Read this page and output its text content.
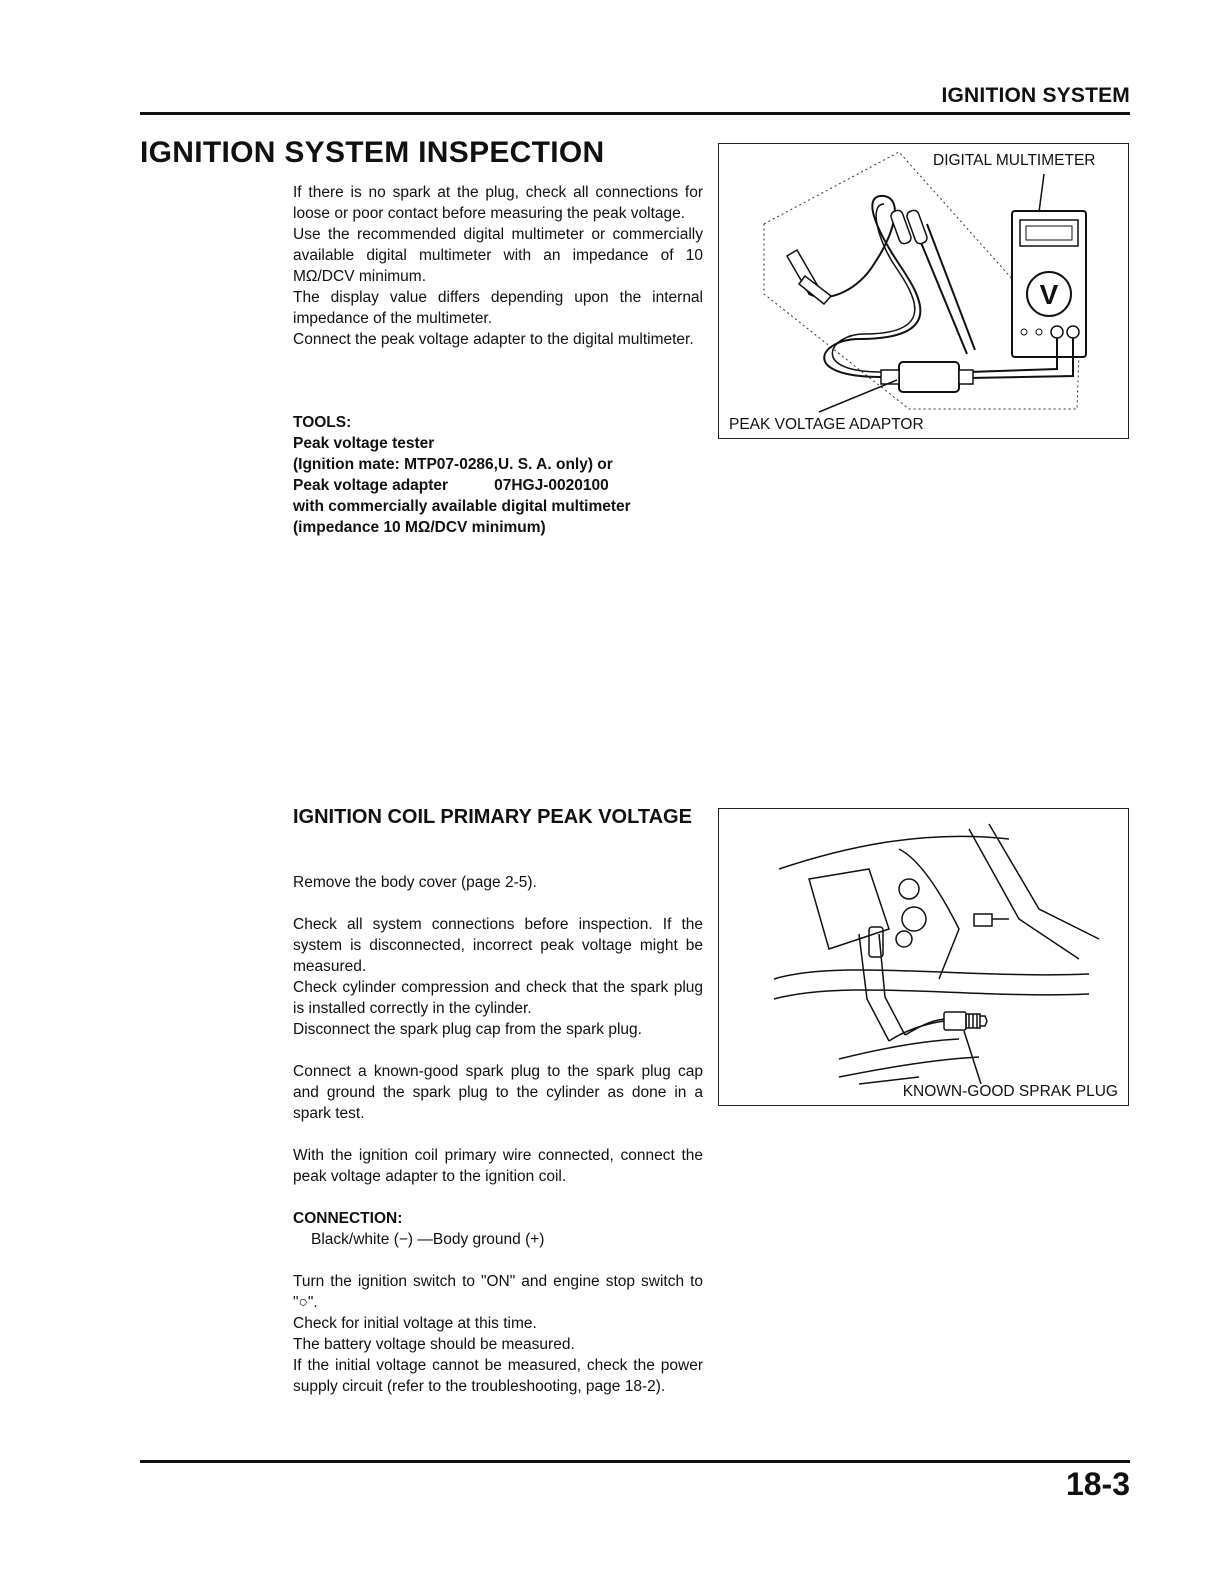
IGNITION SYSTEM
IGNITION SYSTEM INSPECTION

If there is no spark at the plug, check all connections for loose or poor contact before measuring the peak voltage.

Use the recommended digital multimeter or commercially available digital multimeter with an impedance of 10 MΩ/DCV minimum.

The display value differs depending upon the internal impedance of the multimeter.

Connect the peak voltage adapter to the digital multimeter.

TOOLS:

Peak voltage tester

(Ignition mate: MTP07-0286,U. S. A. only) or

Peak voltage adapter	07HGJ-0020100

with commercially available digital multimeter

(impedance 10 MΩ/DCV minimum)

V
DIGITAL MULTIMETER
PEAK VOLTAGE ADAPTOR
IGNITION COIL PRIMARY PEAK VOLTAGE

Remove the body cover (page 2-5).

Check all system connections before inspection. If the system is disconnected, incorrect peak voltage might be measured.

Check cylinder compression and check that the spark plug is installed correctly in the cylinder.

Disconnect the spark plug cap from the spark plug.

Connect a known-good spark plug to the spark plug cap and ground the spark plug to the cylinder as done in a spark test.

With the ignition coil primary wire connected, connect the peak voltage adapter to the ignition coil.

CONNECTION:

Black/white (−) —Body ground (+)

Turn the ignition switch to "ON" and engine stop switch to "○".

Check for initial voltage at this time.

The battery voltage should be measured.

If the initial voltage cannot be measured, check the power supply circuit (refer to the troubleshooting, page 18-2).

KNOWN-GOOD SPRAK PLUG
18-3
